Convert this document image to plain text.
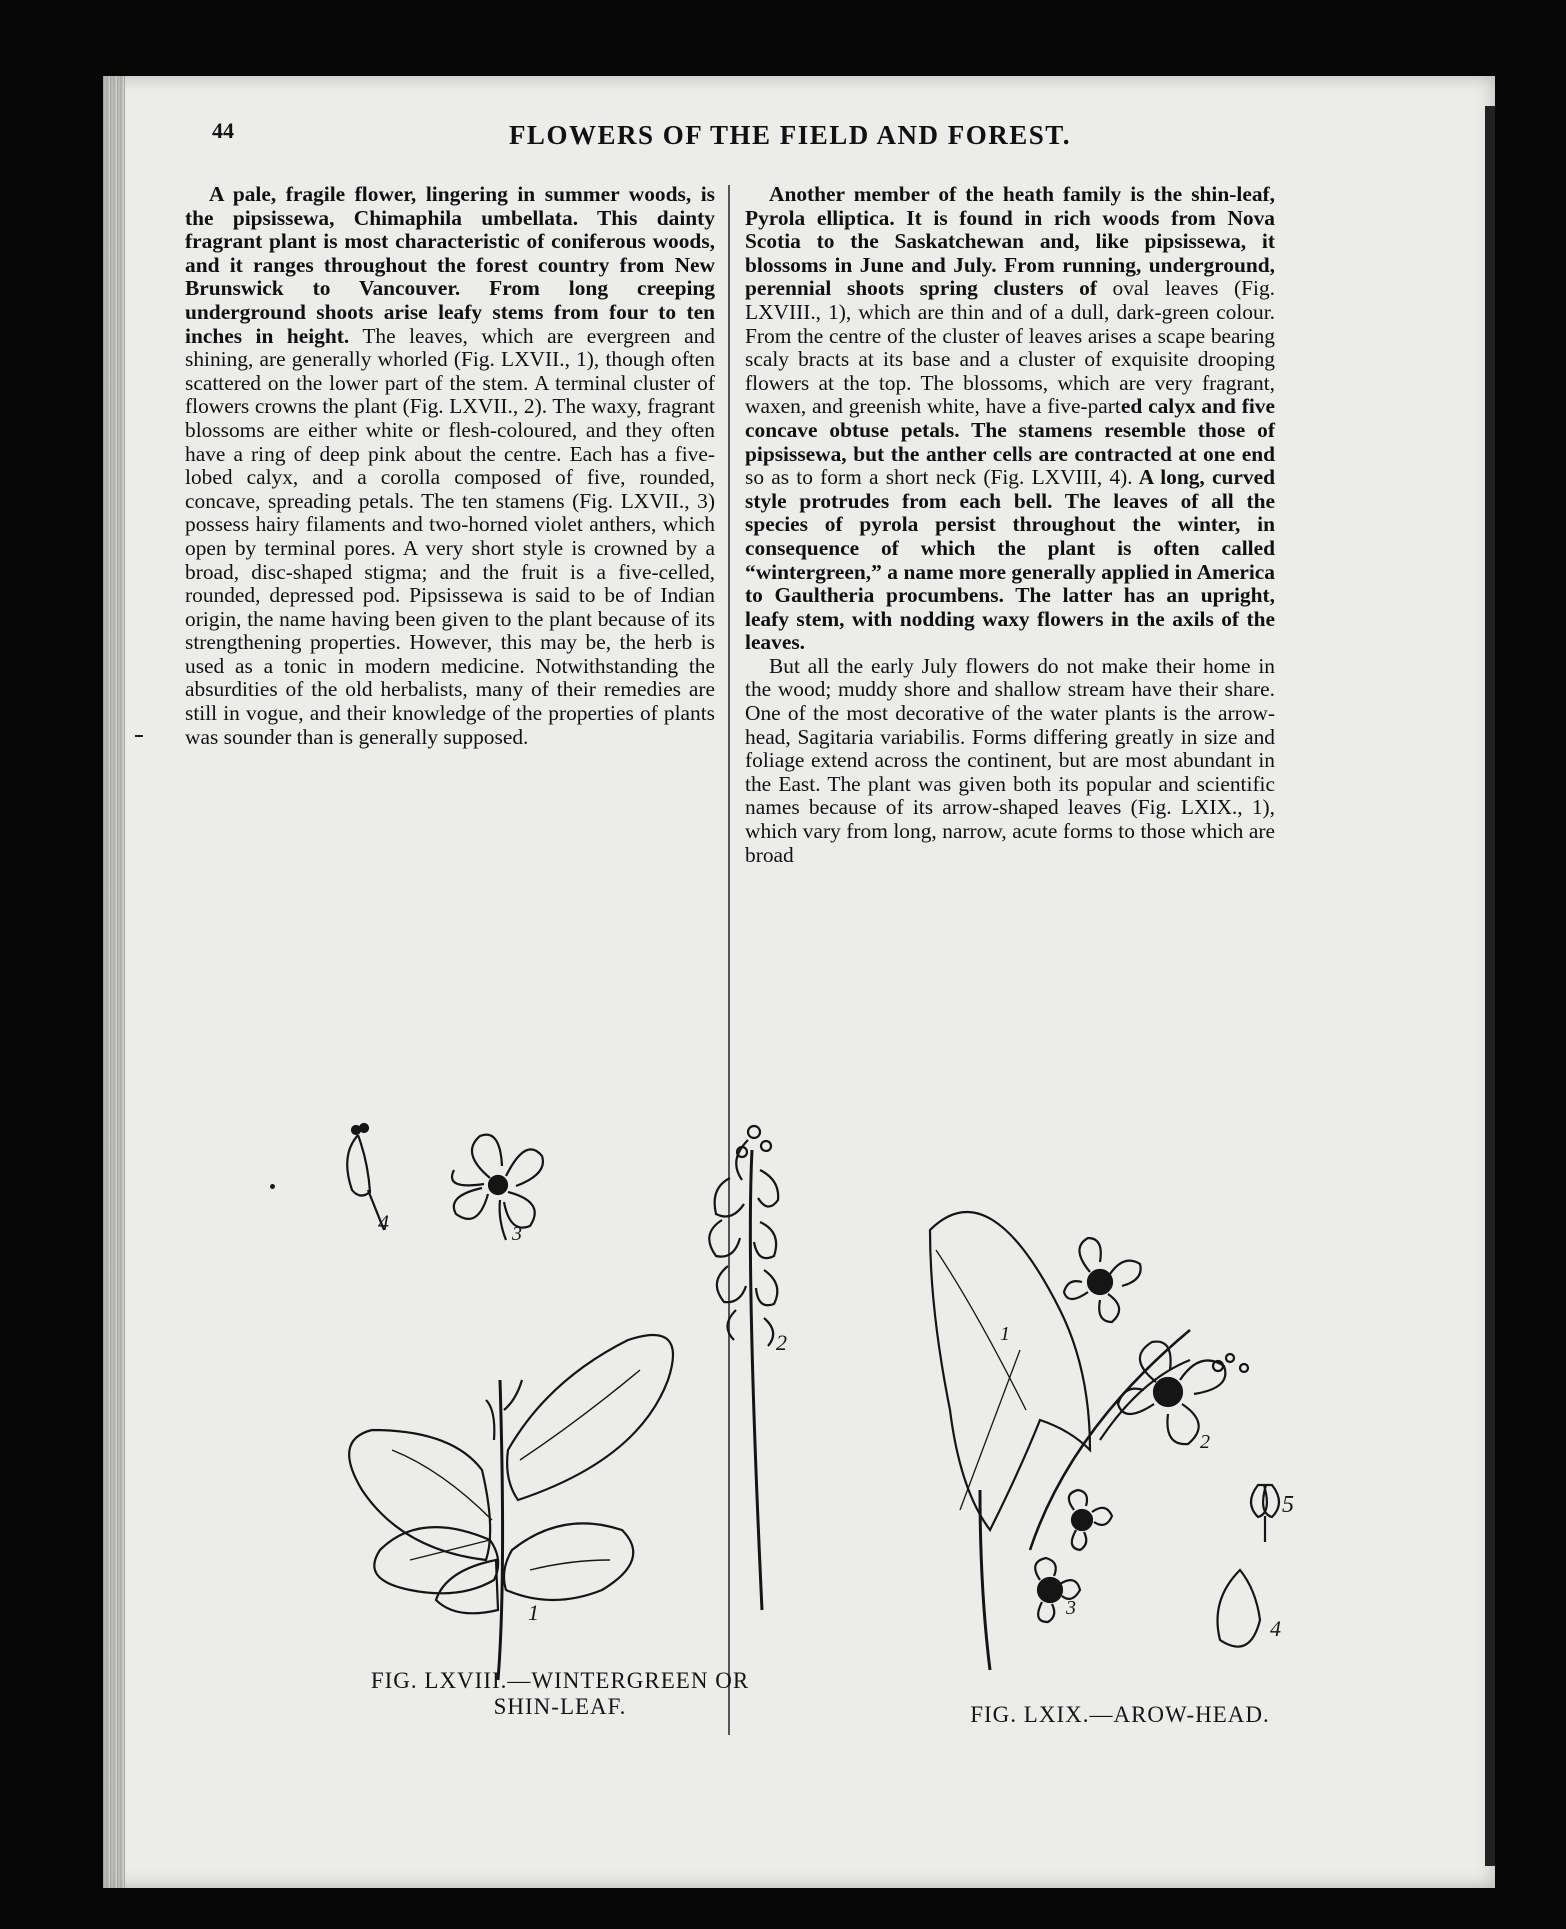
44	FLOWERS OF THE FIELD AND FOREST.

A pale, fragile flower, lingering in summer woods, is the pipsissewa, Chimaphila umbellata. This dainty fragrant plant is most characteristic of coniferous woods, and it ranges throughout the forest country from New Brunswick to Vancouver. From long creeping underground shoots arise leafy stems from four to ten inches in height. The leaves, which are evergreen and shining, are generally whorled (Fig. LXVII., 1), though often scattered on the lower part of the stem. A terminal cluster of flowers crowns the plant (Fig. LXVII., 2). The waxy, fragrant blossoms are either white or flesh-coloured, and they often have a ring of deep pink about the centre. Each has a five-lobed calyx, and a corolla composed of five, rounded, concave, spreading petals. The ten stamens (Fig. LXVII., 3) possess hairy filaments and two-horned violet anthers, which open by terminal pores. A very short style is crowned by a broad, disc-shaped stigma; and the fruit is a five-celled, rounded, depressed pod. Pipsissewa is said to be of Indian origin, the name having been given to the plant because of its strengthening properties. However, this may be, the herb is used as a tonic in modern medicine. Notwithstanding the absurdities of the old herbalists, many of their remedies are still in vogue, and their knowledge of the properties of plants was sounder than is generally supposed.

Another member of the heath family is the shin-leaf, Pyrola elliptica. It is found in rich woods from Nova Scotia to the Saskatchewan and, like pipsissewa, it blossoms in June and July. From running, underground, perennial shoots spring clusters of oval leaves (Fig. LXVIII., 1), which are thin and of a dull, dark-green colour. From the centre of the cluster of leaves arises a scape bearing scaly bracts at its base and a cluster of exquisite drooping flowers at the top. The blossoms, which are very fragrant, waxen, and greenish white, have a five-parted calyx and five concave obtuse petals. The stamens resemble those of pipsissewa, but the anther cells are contracted at one end so as to form a short neck (Fig. LXVIII, 4). A long, curved style protrudes from each bell. The leaves of all the species of pyrola persist throughout the winter, in consequence of which the plant is often called “wintergreen,” a name more generally applied in America to Gaultheria procumbens. The latter has an upright, leafy stem, with nodding waxy flowers in the axils of the leaves.

But all the early July flowers do not make their home in the wood; muddy shore and shallow stream have their share. One of the most decorative of the water plants is the arrow-head, Sagitaria variabilis. Forms differing greatly in size and foliage extend across the continent, but are most abundant in the East. The plant was given both its popular and scientific names because of its arrow-shaped leaves (Fig. LXIX., 1), which vary from long, narrow, acute forms to those which are broad

4	3
2
1
FIG. LXVIII.—WINTERGREEN OR
SHIN-LEAF.
1
2
3
4
5
FIG. LXIX.—AROW-HEAD.
